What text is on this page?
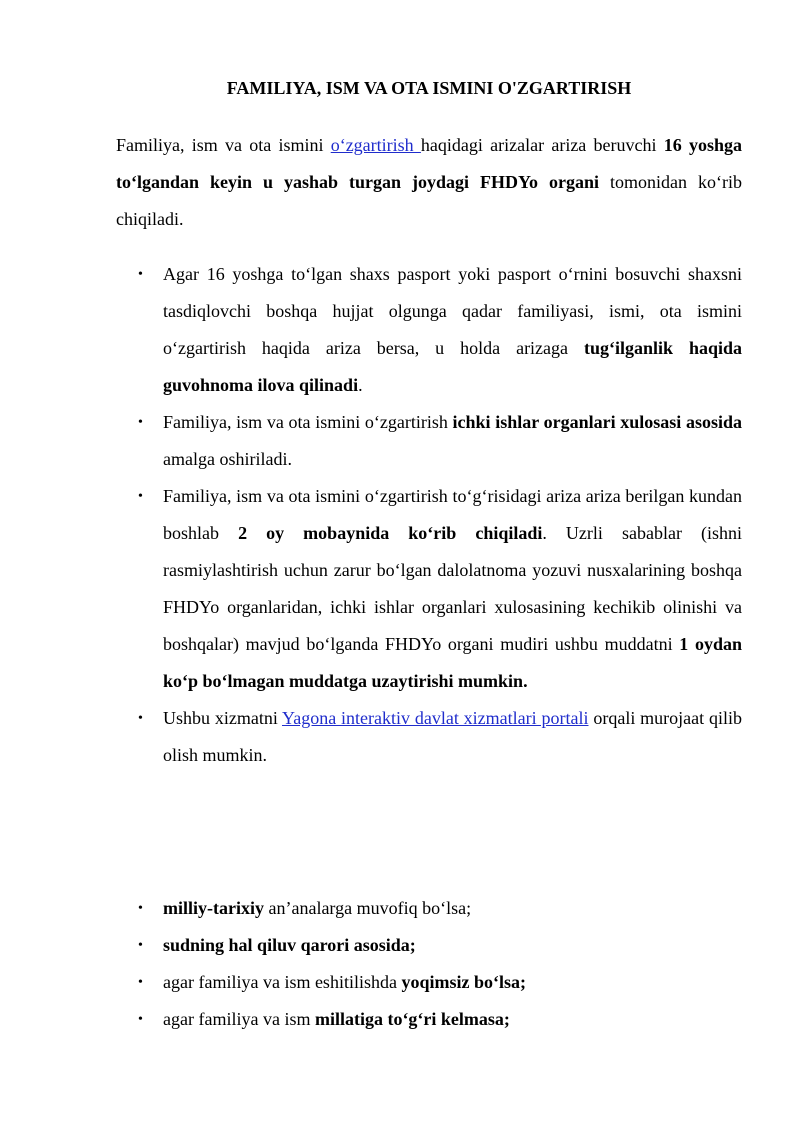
FAMILIYA, ISM VA OTA ISMINI O'ZGARTIRISH

Familiya, ism va ota ismini o‘zgartirish haqidagi arizalar ariza beruvchi 16 yoshga to‘lgandan keyin u yashab turgan joydagi FHDYo organi tomonidan ko‘rib chiqiladi.

• Agar 16 yoshga to‘lgan shaxs pasport yoki pasport o‘rnini bosuvchi shaxsni tasdiqlovchi boshqa hujjat olgunga qadar familiyasi, ismi, ota ismini o‘zgartirish haqida ariza bersa, u holda arizaga tug‘ilganlik haqida guvohnoma ilova qilinadi.
• Familiya, ism va ota ismini o‘zgartirish ichki ishlar organlari xulosasi asosida amalga oshiriladi.
• Familiya, ism va ota ismini o‘zgartirish to‘g‘risidagi ariza ariza berilgan kundan boshlab 2 oy mobaynida ko‘rib chiqiladi. Uzrli sabablar (ishni rasmiylashtirish uchun zarur bo‘lgan dalolatnoma yozuvi nusxalarining boshqa FHDYo organlaridan, ichki ishlar organlari xulosasining kechikib olinishi va boshqalar) mavjud bo‘lganda FHDYo organi mudiri ushbu muddatni 1 oydan ko‘p bo‘lmagan muddatga uzaytirishi mumkin.
• Ushbu xizmatni Yagona interaktiv davlat xizmatlari portali orqali murojaat qilib olish mumkin.
• milliy-tarixiy an’analarga muvofiq bo‘lsa;
• sudning hal qiluv qarori asosida;
• agar familiya va ism eshitilishda yoqimsiz bo‘lsa;
• agar familiya va ism millatiga to‘g‘ri kelmasa;
